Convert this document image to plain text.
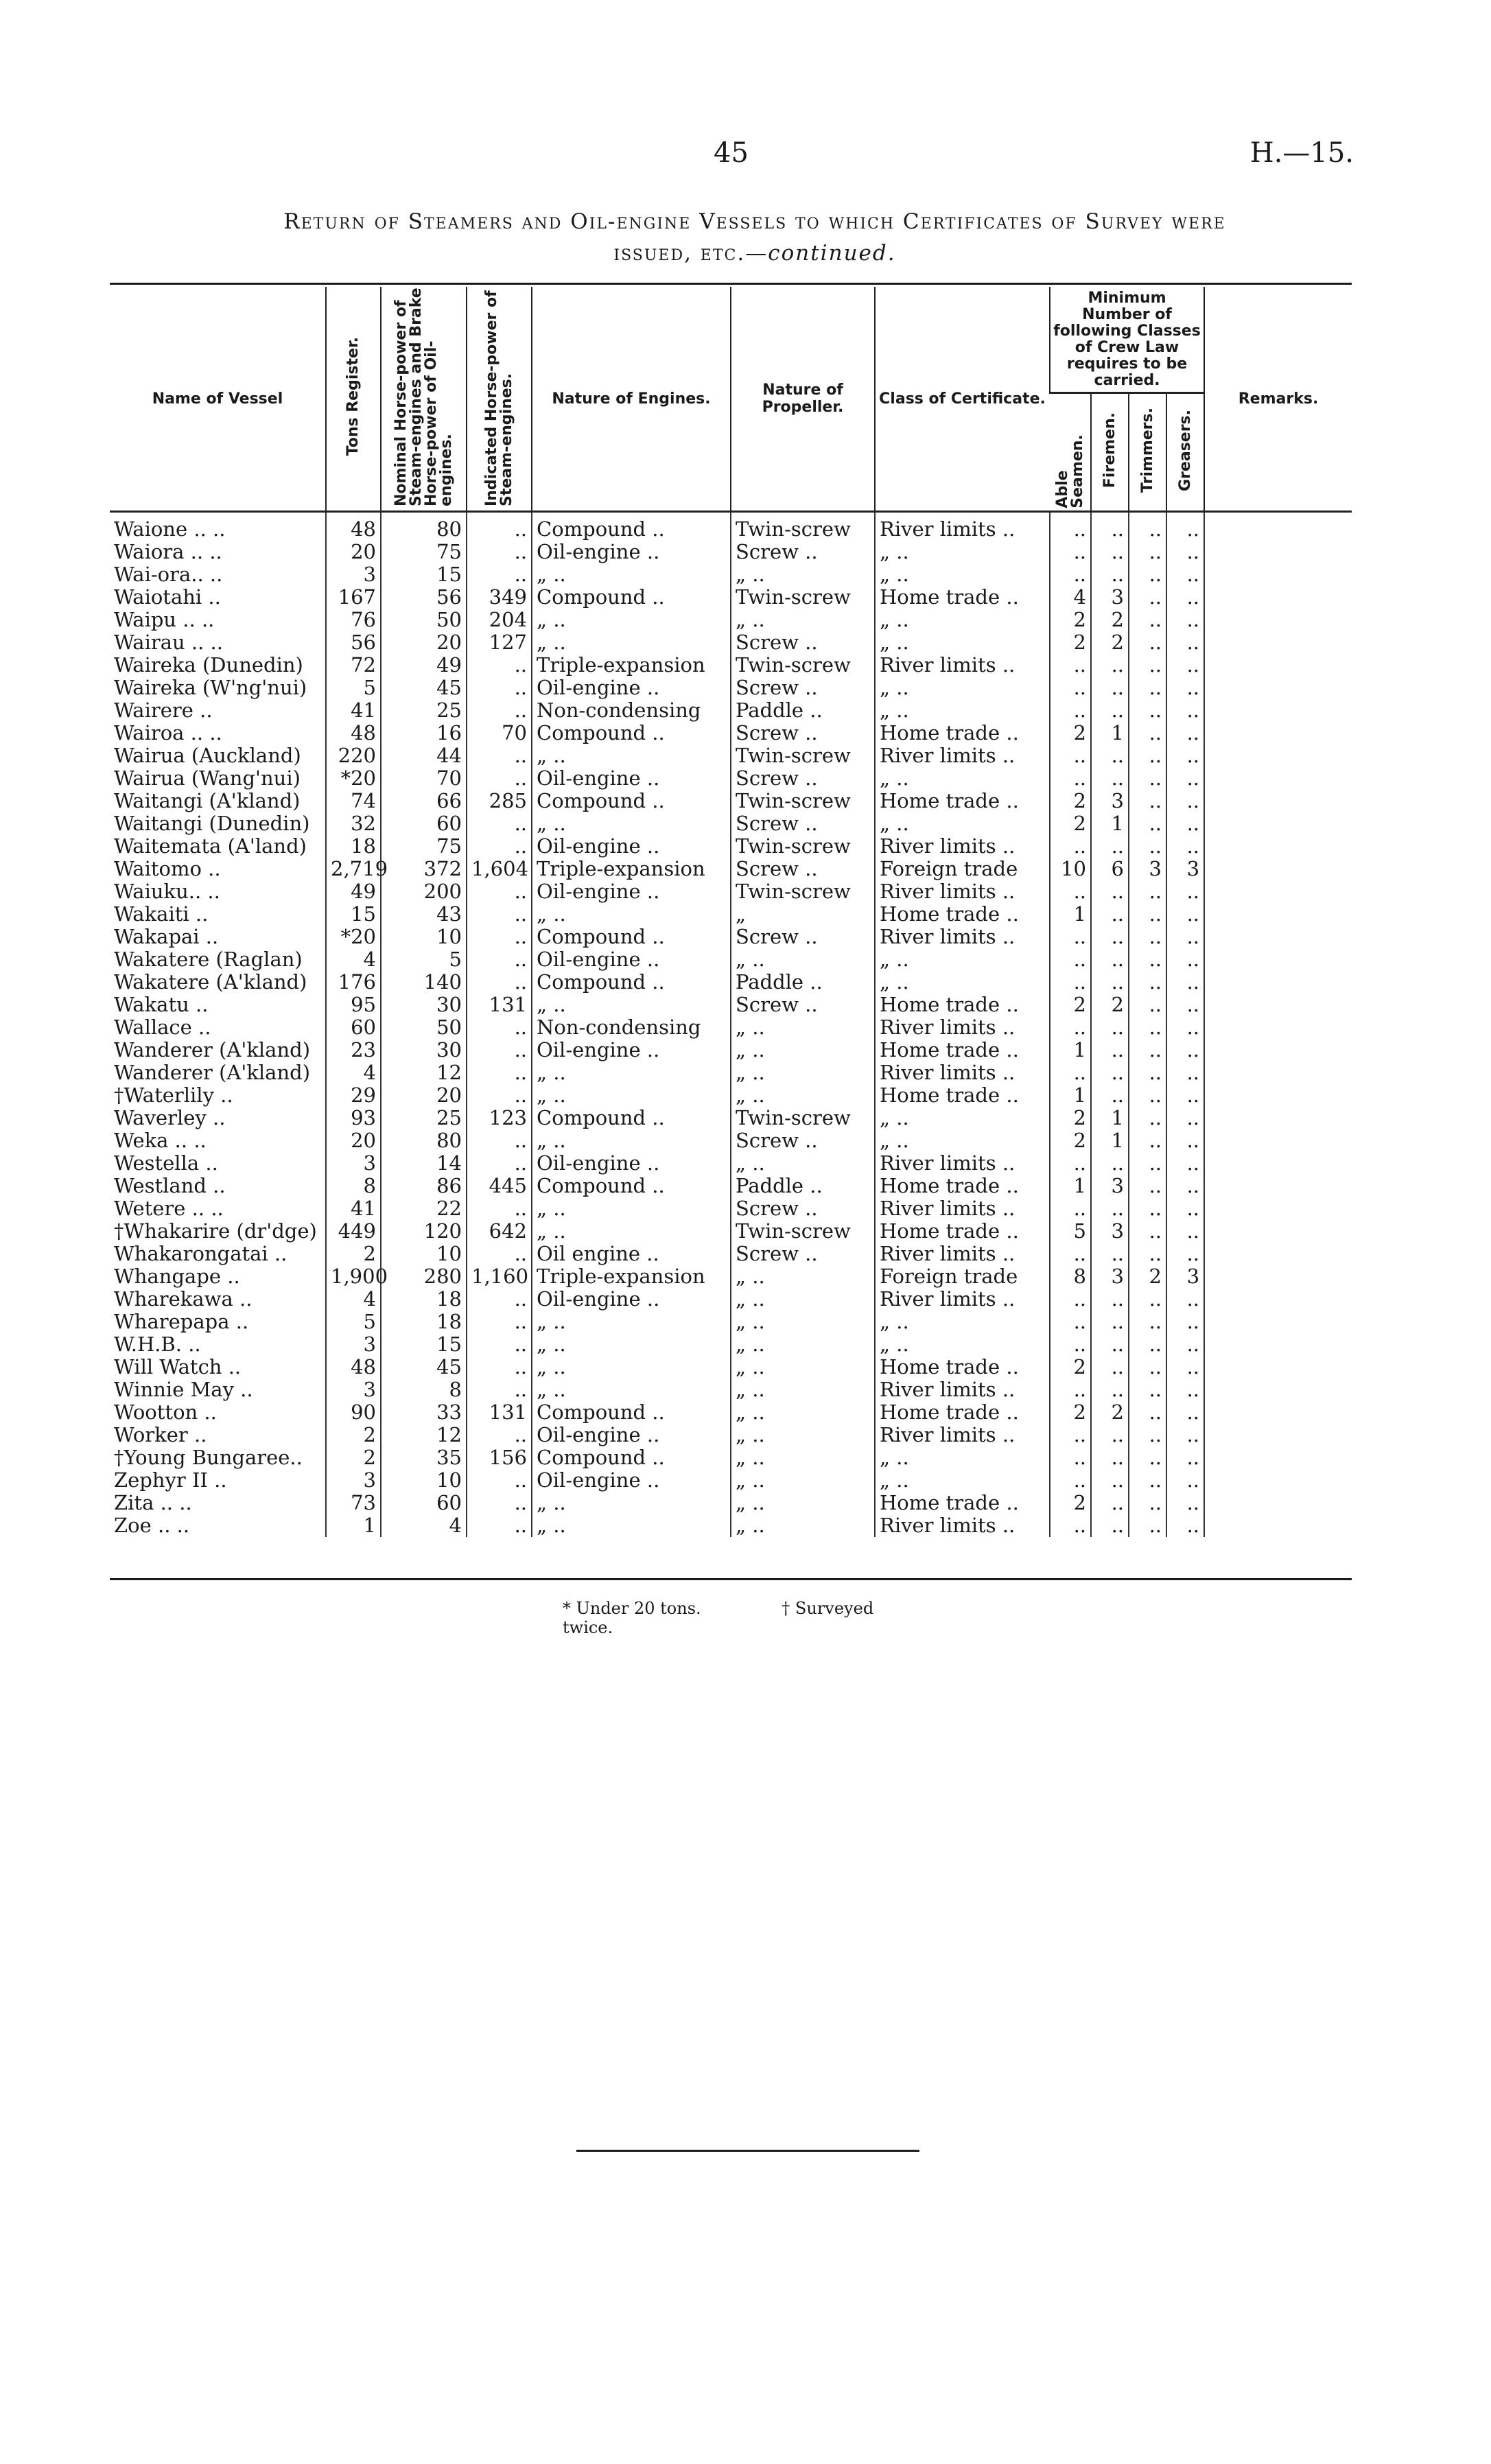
45	H.—15.
Return of Steamers and Oil-engine Vessels to which Certificates of Survey were
issued, etc.—continued.
Name of Vessel	Tons Register.	Nominal Horse-power of Steam-engines and Brake Horse-power of Oil-engines.	Indicated Horse-power of Steam-engines.	Nature of Engines.	Nature of Propeller.	Class of Certificate.	Minimum Number of following Classes of Crew Law requires to be carried.				Remarks.
							Able Seamen.	Firemen.	Trimmers.	Greasers.	
Waione .. ..	48	80	..	Compound ..	Twin-screw	River limits ..	..	..	..	..	
Waiora .. ..	20	75	..	Oil-engine ..	Screw ..	„ ..	..	..	..	..	
Wai-ora.. ..	3	15	..	„ ..	„ ..	„ ..	..	..	..	..	
Waiotahi ..	167	56	349	Compound ..	Twin-screw	Home trade ..	4	3	..	..	
Waipu .. ..	76	50	204	„ ..	„ ..	„ ..	2	2	..	..	
Wairau .. ..	56	20	127	„ ..	Screw ..	„ ..	2	2	..	..	
Waireka (Dunedin)	72	49	..	Triple-expansion	Twin-screw	River limits ..	..	..	..	..	
Waireka (W'ng'nui)	5	45	..	Oil-engine ..	Screw ..	„ ..	..	..	..	..	
Wairere ..	41	25	..	Non-condensing	Paddle ..	„ ..	..	..	..	..	
Wairoa .. ..	48	16	70	Compound ..	Screw ..	Home trade ..	2	1	..	..	
Wairua (Auckland)	220	44	..	„ ..	Twin-screw	River limits ..	..	..	..	..	
Wairua (Wang'nui)	*20	70	..	Oil-engine ..	Screw ..	„ ..	..	..	..	..	
Waitangi (A'kland)	74	66	285	Compound ..	Twin-screw	Home trade ..	2	3	..	..	
Waitangi (Dunedin)	32	60	..	„ ..	Screw ..	„ ..	2	1	..	..	
Waitemata (A'land)	18	75	..	Oil-engine ..	Twin-screw	River limits ..	..	..	..	..	
Waitomo ..	2,719	372	1,604	Triple-expansion	Screw ..	Foreign trade	10	6	3	3	
Waiuku.. ..	49	200	..	Oil-engine ..	Twin-screw	River limits ..	..	..	..	..	
Wakaiti ..	15	43	..	„ ..	„	Home trade ..	1	..	..	..	
Wakapai ..	*20	10	..	Compound ..	Screw ..	River limits ..	..	..	..	..	
Wakatere (Raglan)	4	5	..	Oil-engine ..	„ ..	„ ..	..	..	..	..	
Wakatere (A'kland)	176	140	..	Compound ..	Paddle ..	„ ..	..	..	..	..	
Wakatu ..	95	30	131	„ ..	Screw ..	Home trade ..	2	2	..	..	
Wallace ..	60	50	..	Non-condensing	„ ..	River limits ..	..	..	..	..	
Wanderer (A'kland)	23	30	..	Oil-engine ..	„ ..	Home trade ..	1	..	..	..	
Wanderer (A'kland)	4	12	..	„ ..	„ ..	River limits ..	..	..	..	..	
†Waterlily ..	29	20	..	„ ..	„ ..	Home trade ..	1	..	..	..	
Waverley ..	93	25	123	Compound ..	Twin-screw	„ ..	2	1	..	..	
Weka .. ..	20	80	..	„ ..	Screw ..	„ ..	2	1	..	..	
Westella ..	3	14	..	Oil-engine ..	„ ..	River limits ..	..	..	..	..	
Westland ..	8	86	445	Compound ..	Paddle ..	Home trade ..	1	3	..	..	
Wetere .. ..	41	22	..	„ ..	Screw ..	River limits ..	..	..	..	..	
†Whakarire (dr'dge)	449	120	642	„ ..	Twin-screw	Home trade ..	5	3	..	..	
Whakarongatai ..	2	10	..	Oil engine ..	Screw ..	River limits ..	..	..	..	..	
Whangape ..	1,900	280	1,160	Triple-expansion	„ ..	Foreign trade	8	3	2	3	
Wharekawa ..	4	18	..	Oil-engine ..	„ ..	River limits ..	..	..	..	..	
Wharepapa ..	5	18	..	„ ..	„ ..	„ ..	..	..	..	..	
W.H.B. ..	3	15	..	„ ..	„ ..	„ ..	..	..	..	..	
Will Watch ..	48	45	..	„ ..	„ ..	Home trade ..	2	..	..	..	
Winnie May ..	3	8	..	„ ..	„ ..	River limits ..	..	..	..	..	
Wootton ..	90	33	131	Compound ..	„ ..	Home trade ..	2	2	..	..	
Worker ..	2	12	..	Oil-engine ..	„ ..	River limits ..	..	..	..	..	
†Young Bungaree..	2	35	156	Compound ..	„ ..	„ ..	..	..	..	..	
Zephyr II ..	3	10	..	Oil-engine ..	„ ..	„ ..	..	..	..	..	
Zita .. ..	73	60	..	„ ..	„ ..	Home trade ..	2	..	..	..	
Zoe .. ..	1	4	..	„ ..	„ ..	River limits ..	..	..	..	..	
* Under 20 tons.	† Surveyed twice.
